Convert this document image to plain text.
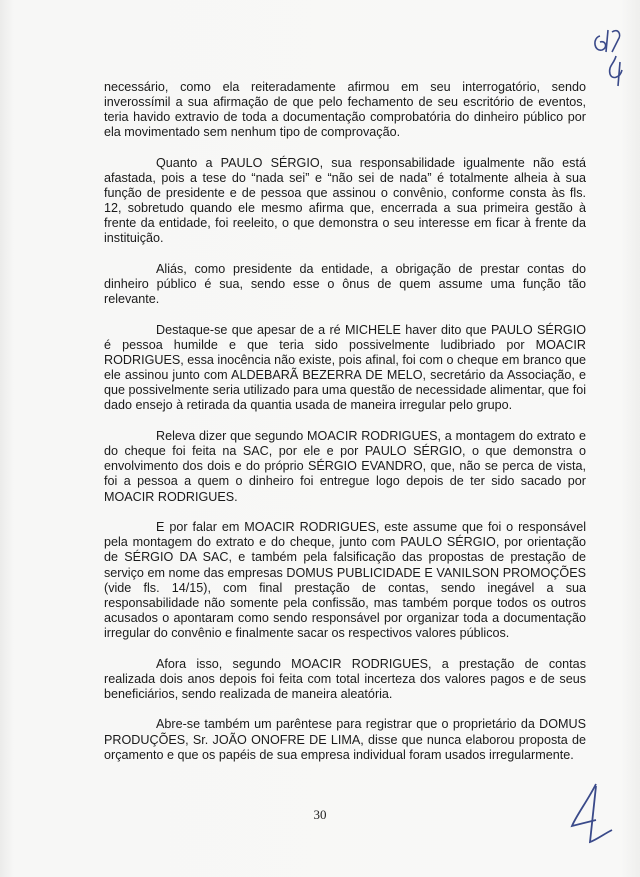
necessário, como ela reiteradamente afirmou em seu interrogatório, sendo inverossímil a sua afirmação de que pelo fechamento de seu escritório de eventos, teria havido extravio de toda a documentação comprobatória do dinheiro público por ela movimentado sem nenhum tipo de comprovação.

Quanto a PAULO SÉRGIO, sua responsabilidade igualmente não está afastada, pois a tese do “nada sei” e “não sei de nada” é totalmente alheia à sua função de presidente e de pessoa que assinou o convênio, conforme consta às fls. 12, sobretudo quando ele mesmo afirma que, encerrada a sua primeira gestão à frente da entidade, foi reeleito, o que demonstra o seu interesse em ficar à frente da instituição.

Aliás, como presidente da entidade, a obrigação de prestar contas do dinheiro público é sua, sendo esse o ônus de quem assume uma função tão relevante.

Destaque-se que apesar de a ré MICHELE haver dito que PAULO SÉRGIO é pessoa humilde e que teria sido possivelmente ludibriado por MOACIR RODRIGUES, essa inocência não existe, pois afinal, foi com o cheque em branco que ele assinou junto com ALDEBARÃ BEZERRA DE MELO, secretário da Associação, e que possivelmente seria utilizado para uma questão de necessidade alimentar, que foi dado ensejo à retirada da quantia usada de maneira irregular pelo grupo.

Releva dizer que segundo MOACIR RODRIGUES, a montagem do extrato e do cheque foi feita na SAC, por ele e por PAULO SÉRGIO, o que demonstra o envolvimento dos dois e do próprio SÉRGIO EVANDRO, que, não se perca de vista, foi a pessoa a quem o dinheiro foi entregue logo depois de ter sido sacado por MOACIR RODRIGUES.

E por falar em MOACIR RODRIGUES, este assume que foi o responsável pela montagem do extrato e do cheque, junto com PAULO SÉRGIO, por orientação de SÉRGIO DA SAC, e também pela falsificação das propostas de prestação de serviço em nome das empresas DOMUS PUBLICIDADE E VANILSON PROMOÇÕES (vide fls. 14/15), com final prestação de contas, sendo inegável a sua responsabilidade não somente pela confissão, mas também porque todos os outros acusados o apontaram como sendo responsável por organizar toda a documentação irregular do convênio e finalmente sacar os respectivos valores públicos.

Afora isso, segundo MOACIR RODRIGUES, a prestação de contas realizada dois anos depois foi feita com total incerteza dos valores pagos e de seus beneficiários, sendo realizada de maneira aleatória.

Abre-se também um parêntese para registrar que o proprietário da DOMUS PRODUÇÕES, Sr. JOÃO ONOFRE DE LIMA, disse que nunca elaborou proposta de orçamento e que os papéis de sua empresa individual foram usados irregularmente.

30
